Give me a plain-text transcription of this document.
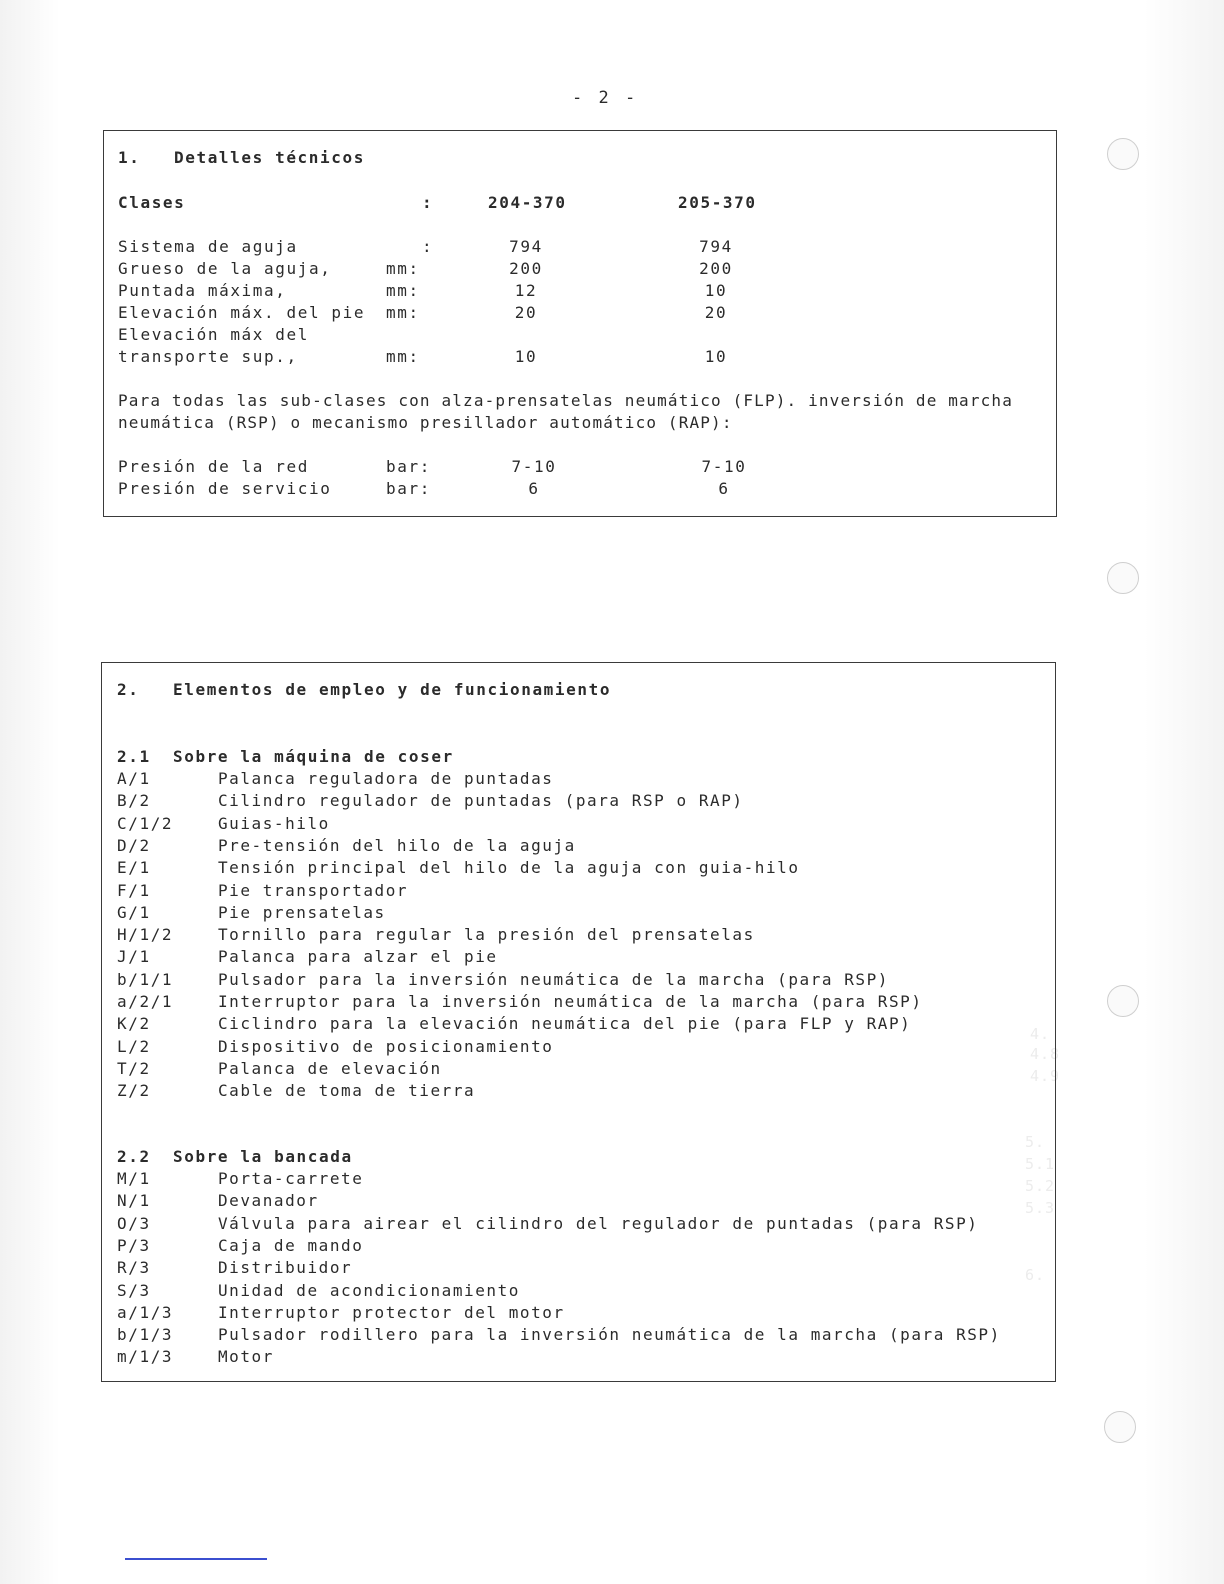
- 2 -
4.
4.8
4.9
5.
5.1
5.2
5.3
6.
1. Detalles técnicos
Clases	:	204-370	205-370
Sistema de aguja	:	794	794
Grueso de la aguja,	mm:	200	200
Puntada máxima,	mm:	12	10
Elevación máx. del pie mm:	20	20
Elevación máx del
transporte sup.,	mm:	10	10
Para todas las sub-clases con alza-prensatelas neumático (FLP). inversión de marcha
neumática (RSP) o mecanismo presillador automático (RAP):
Presión de la red	bar:	7-10	7-10
Presión de servicio	bar:	6	6
2. Elementos de empleo y de funcionamiento
2.1 Sobre la máquina de coser
A/1	Palanca reguladora de puntadas
B/2	Cilindro regulador de puntadas (para RSP o RAP)
C/1/2	Guias-hilo
D/2	Pre-tensión del hilo de la aguja
E/1	Tensión principal del hilo de la aguja con guia-hilo
F/1	Pie transportador
G/1	Pie prensatelas
H/1/2	Tornillo para regular la presión del prensatelas
J/1	Palanca para alzar el pie
b/1/1	Pulsador para la inversión neumática de la marcha (para RSP)
a/2/1	Interruptor para la inversión neumática de la marcha (para RSP)
K/2	Ciclindro para la elevación neumática del pie (para FLP y RAP)
L/2	Dispositivo de posicionamiento
T/2	Palanca de elevación
Z/2	Cable de toma de tierra
2.2 Sobre la bancada
M/1	Porta-carrete
N/1	Devanador
O/3	Válvula para airear el cilindro del regulador de puntadas (para RSP)
P/3	Caja de mando
R/3	Distribuidor
S/3	Unidad de acondicionamiento
a/1/3	Interruptor protector del motor
b/1/3	Pulsador rodillero para la inversión neumática de la marcha (para RSP)
m/1/3	Motor
